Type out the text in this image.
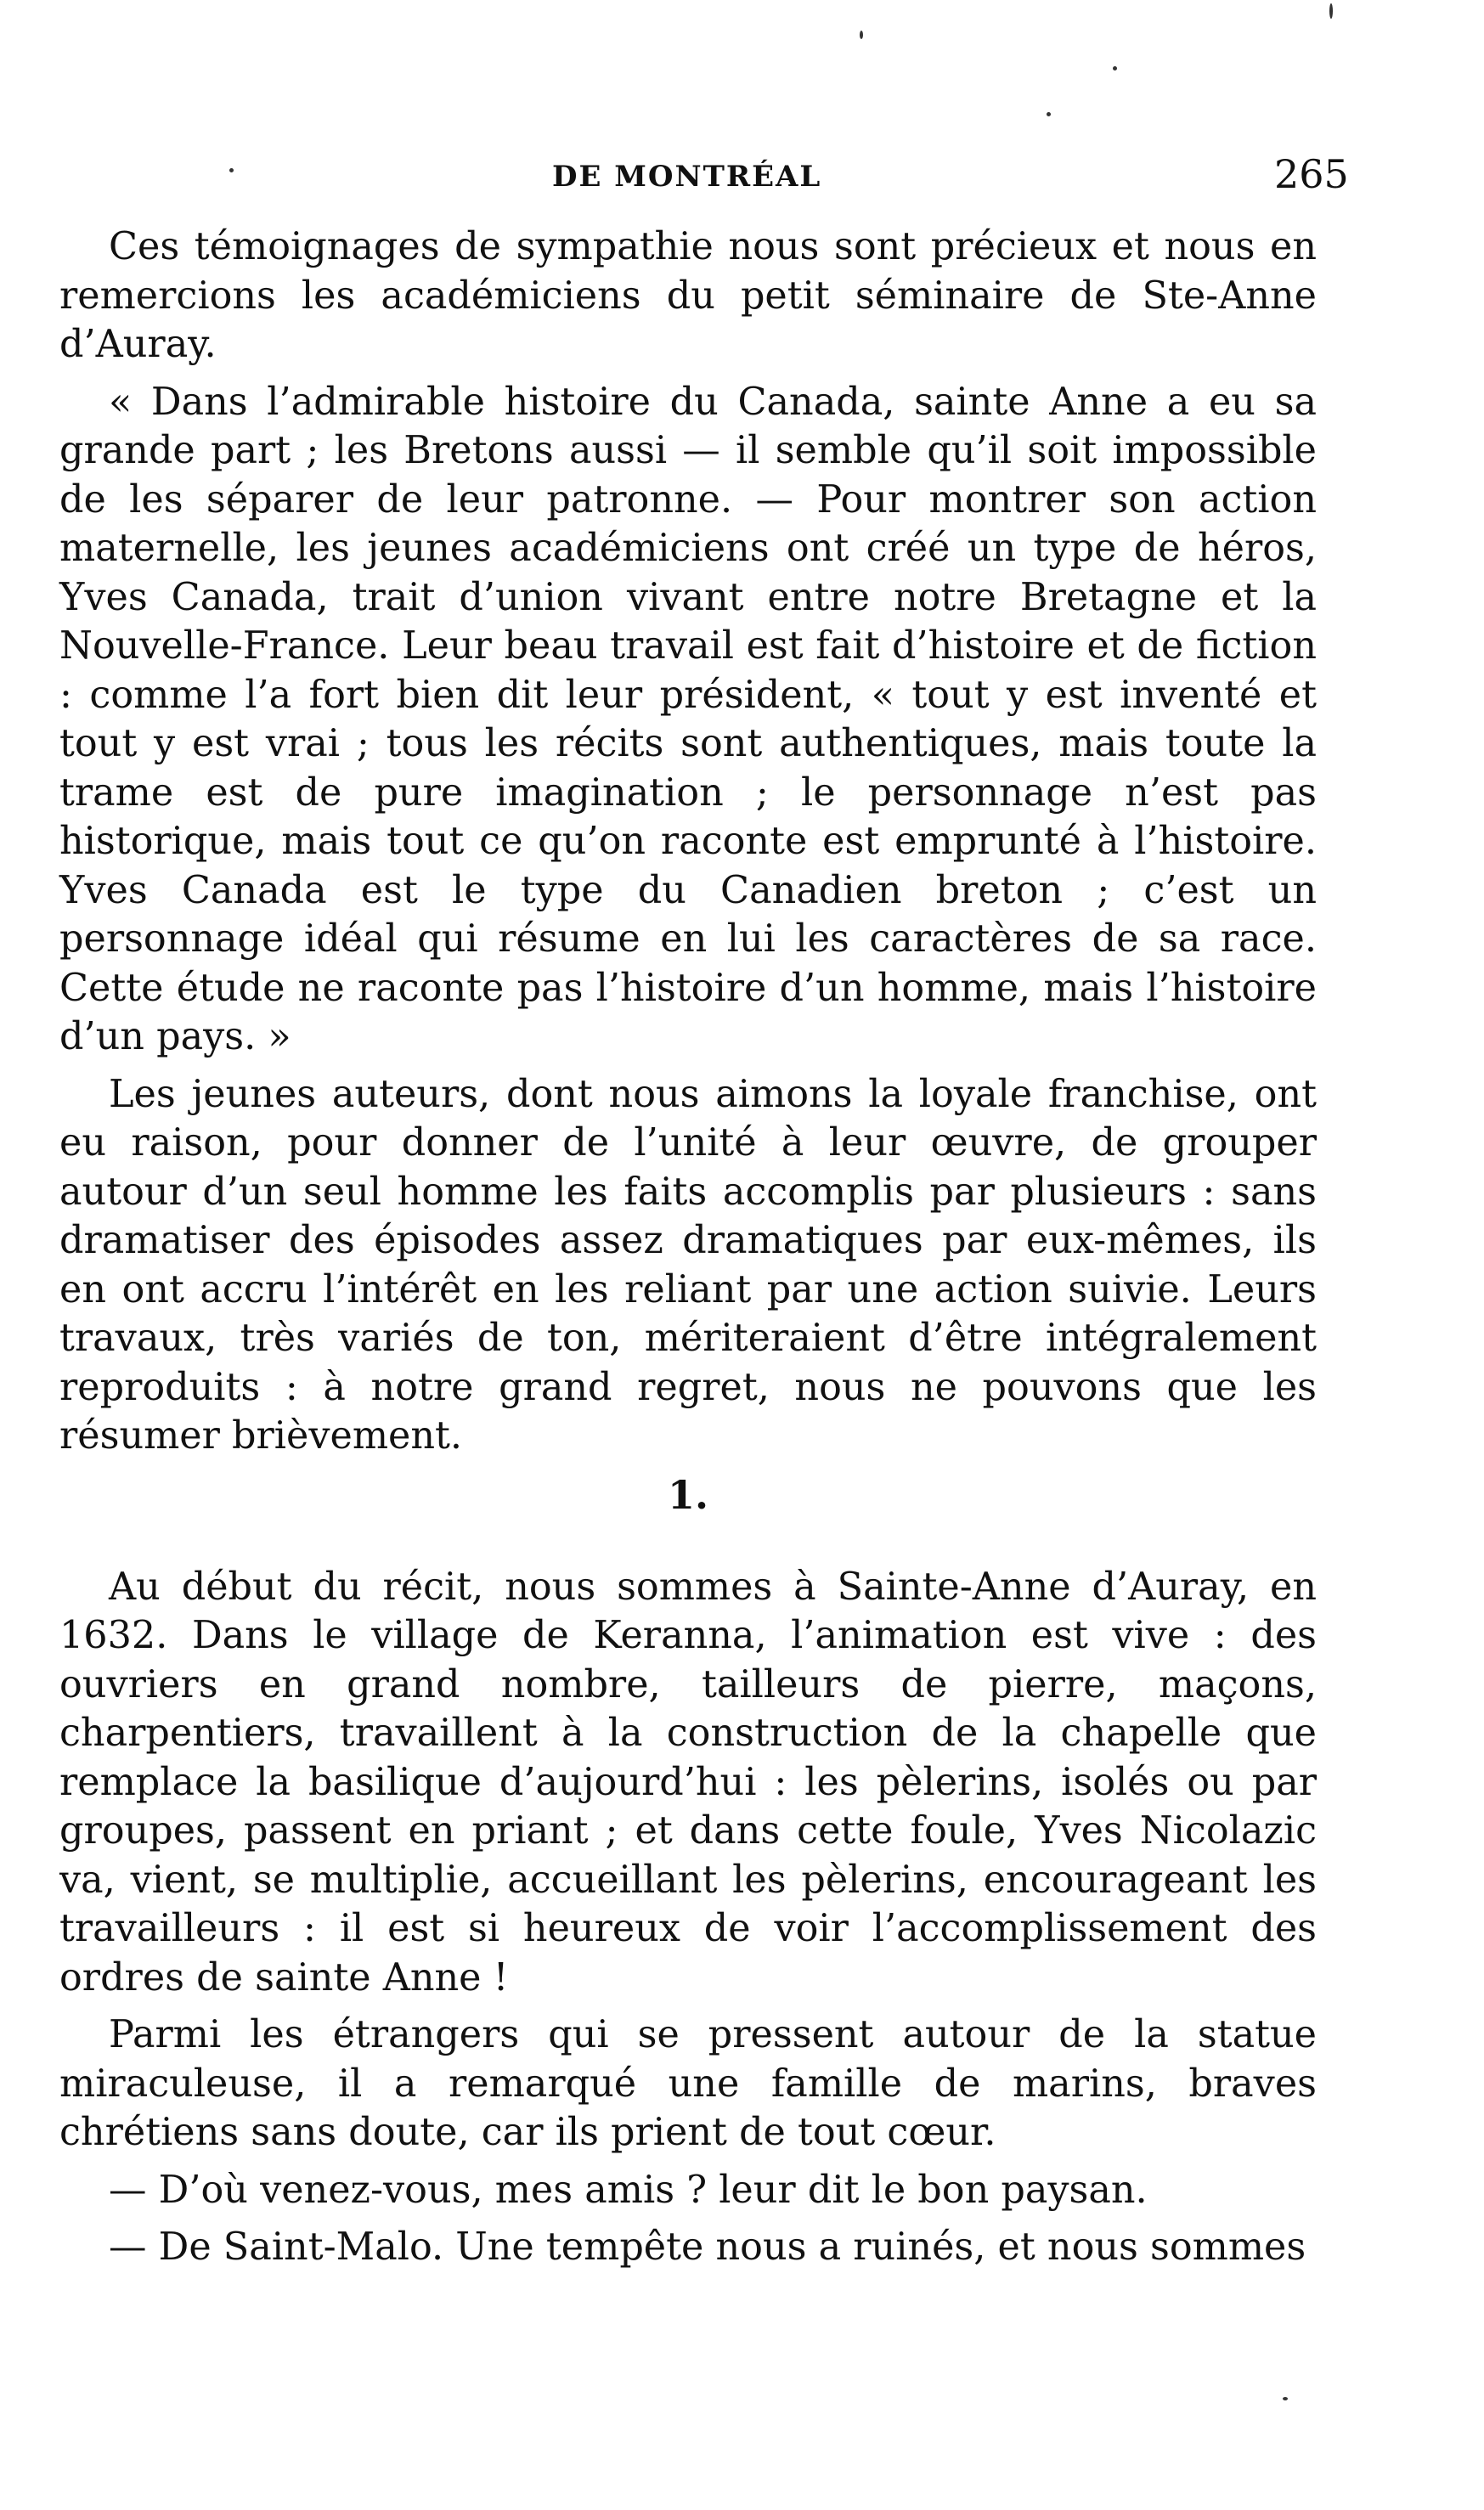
DE MONTRÉAL	265

Ces témoignages de sympathie nous sont précieux et nous en remercions les académiciens du petit séminaire de Ste-Anne d’Auray.

« Dans l’admirable histoire du Canada, sainte Anne a eu sa grande part ; les Bretons aussi — il semble qu’il soit impossible de les séparer de leur patronne. — Pour montrer son action maternelle, les jeunes académiciens ont créé un type de héros, Yves Canada, trait d’union vivant entre notre Bretagne et la Nouvelle-France. Leur beau travail est fait d’histoire et de fiction : comme l’a fort bien dit leur président, « tout y est inventé et tout y est vrai ; tous les récits sont authentiques, mais toute la trame est de pure imagination ; le personnage n’est pas historique, mais tout ce qu’on raconte est emprunté à l’histoire. Yves Canada est le type du Canadien breton ; c’est un personnage idéal qui résume en lui les caractères de sa race. Cette étude ne raconte pas l’histoire d’un homme, mais l’histoire d’un pays. »

Les jeunes auteurs, dont nous aimons la loyale franchise, ont eu raison, pour donner de l’unité à leur œuvre, de grouper autour d’un seul homme les faits accomplis par plusieurs : sans dramatiser des épisodes assez dramatiques par eux-mêmes, ils en ont accru l’intérêt en les reliant par une action suivie. Leurs travaux, très variés de ton, mériteraient d’être intégralement reproduits : à notre grand regret, nous ne pouvons que les résumer brièvement.

1.

Au début du récit, nous sommes à Sainte-Anne d’Auray, en 1632. Dans le village de Keranna, l’animation est vive : des ouvriers en grand nombre, tailleurs de pierre, maçons, charpentiers, travaillent à la construction de la chapelle que remplace la basilique d’aujourd’hui : les pèlerins, isolés ou par groupes, passent en priant ; et dans cette foule, Yves Nicolazic va, vient, se multiplie, accueillant les pèlerins, encourageant les travailleurs : il est si heureux de voir l’accomplissement des ordres de sainte Anne !

Parmi les étrangers qui se pressent autour de la statue miraculeuse, il a remarqué une famille de marins, braves chrétiens sans doute, car ils prient de tout cœur.

— D’où venez-vous, mes amis ? leur dit le bon paysan.

— De Saint-Malo. Une tempête nous a ruinés, et nous sommes
